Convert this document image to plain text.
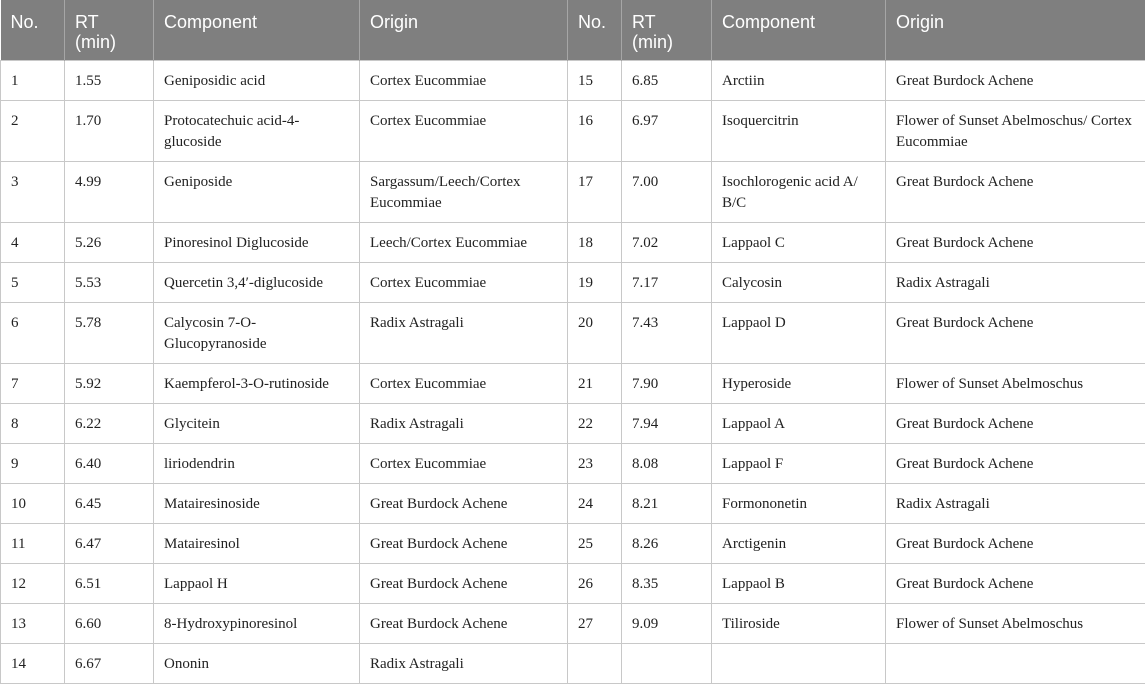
No.	RT (min)	Component	Origin	No.	RT (min)	Component	Origin
1	1.55	Geniposidic acid	Cortex Eucommiae	15	6.85	Arctiin	Great Burdock Achene
2	1.70	Protocatechuic acid-4-glucoside	Cortex Eucommiae	16	6.97	Isoquercitrin	Flower of Sunset Abelmoschus/ Cortex Eucommiae
3	4.99	Geniposide	Sargassum/Leech/Cortex Eucommiae	17	7.00	Isochlorogenic acid A/ B/C	Great Burdock Achene
4	5.26	Pinoresinol Diglucoside	Leech/Cortex Eucommiae	18	7.02	Lappaol C	Great Burdock Achene
5	5.53	Quercetin 3,4′-diglucoside	Cortex Eucommiae	19	7.17	Calycosin	Radix Astragali
6	5.78	Calycosin 7-O-Glucopyranoside	Radix Astragali	20	7.43	Lappaol D	Great Burdock Achene
7	5.92	Kaempferol-3-O-rutinoside	Cortex Eucommiae	21	7.90	Hyperoside	Flower of Sunset Abelmoschus
8	6.22	Glycitein	Radix Astragali	22	7.94	Lappaol A	Great Burdock Achene
9	6.40	liriodendrin	Cortex Eucommiae	23	8.08	Lappaol F	Great Burdock Achene
10	6.45	Matairesinoside	Great Burdock Achene	24	8.21	Formononetin	Radix Astragali
11	6.47	Matairesinol	Great Burdock Achene	25	8.26	Arctigenin	Great Burdock Achene
12	6.51	Lappaol H	Great Burdock Achene	26	8.35	Lappaol B	Great Burdock Achene
13	6.60	8-Hydroxypinoresinol	Great Burdock Achene	27	9.09	Tiliroside	Flower of Sunset Abelmoschus
14	6.67	Ononin	Radix Astragali				
